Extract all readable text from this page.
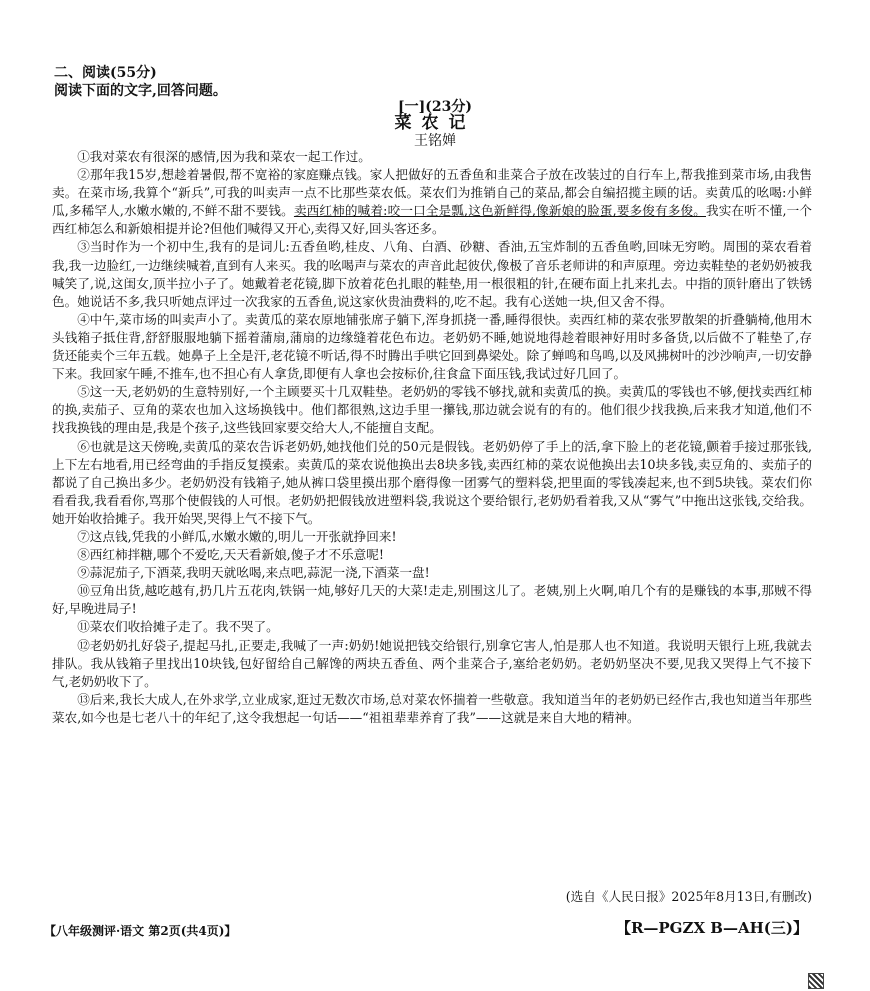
二、阅读(55分)
阅读下面的文字,回答问题。
[一](23分)
菜农记
王铭婵

①我对菜农有很深的感情,因为我和菜农一起工作过。

②那年我15岁,想趁着暑假,帮不宽裕的家庭赚点钱。家人把做好的五香鱼和韭菜合子放在改装过的自行车上,帮我推到菜市场,由我售卖。在菜市场,我算个“新兵”,可我的叫卖声一点不比那些菜农低。菜农们为推销自己的菜品,都会自编招揽主顾的话。卖黄瓜的吆喝:小鲜瓜,多稀罕人,水嫩水嫩的,不鲜不甜不要钱。卖西红柿的喊着:咬一口全是瓢,这色新鲜得,像新娘的脸蛋,要多俊有多俊。我实在听不懂,一个西红柿怎么和新娘相提并论?但他们喊得又开心,卖得又好,回头客还多。

③当时作为一个初中生,我有的是词儿:五香鱼哟,桂皮、八角、白酒、砂糖、香油,五宝炸制的五香鱼哟,回味无穷哟。周围的菜农看着我,我一边脸红,一边继续喊着,直到有人来买。我的吆喝声与菜农的声音此起彼伏,像极了音乐老师讲的和声原理。旁边卖鞋垫的老奶奶被我喊笑了,说,这闺女,顶半拉小子了。她戴着老花镜,脚下放着花色扎眼的鞋垫,用一根很粗的针,在硬布面上扎来扎去。中指的顶针磨出了铁锈色。她说话不多,我只听她点评过一次我家的五香鱼,说这家伙贵油费料的,吃不起。我有心送她一块,但又舍不得。

④中午,菜市场的叫卖声小了。卖黄瓜的菜农原地铺张席子躺下,浑身抓挠一番,睡得很快。卖西红柿的菜农张罗散架的折叠躺椅,他用木头钱箱子抵住背,舒舒服服地躺下摇着蒲扇,蒲扇的边缘缝着花色布边。老奶奶不睡,她说地得趁着眼神好用时多备货,以后做不了鞋垫了,存货还能卖个三年五载。她鼻子上全是汗,老花镜不听话,得不时腾出手哄它回到鼻梁处。除了蝉鸣和鸟鸣,以及风拂树叶的沙沙响声,一切安静下来。我回家午睡,不推车,也不担心有人拿货,即便有人拿也会按标价,往食盒下面压钱,我试过好几回了。

⑤这一天,老奶奶的生意特别好,一个主顾要买十几双鞋垫。老奶奶的零钱不够找,就和卖黄瓜的换。卖黄瓜的零钱也不够,便找卖西红柿的换,卖茄子、豆角的菜农也加入这场换钱中。他们都很熟,这边手里一攥钱,那边就会说有的有的。他们很少找我换,后来我才知道,他们不找我换钱的理由是,我是个孩子,这些钱回家要交给大人,不能擅自支配。

⑥也就是这天傍晚,卖黄瓜的菜农告诉老奶奶,她找他们兑的50元是假钱。老奶奶停了手上的活,拿下脸上的老花镜,颤着手接过那张钱,上下左右地看,用已经弯曲的手指反复摸索。卖黄瓜的菜农说他换出去8块多钱,卖西红柿的菜农说他换出去10块多钱,卖豆角的、卖茄子的都说了自己换出多少。老奶奶没有钱箱子,她从裤口袋里摸出那个磨得像一团雾气的塑料袋,把里面的零钱凑起来,也不到5块钱。菜农们你看看我,我看看你,骂那个使假钱的人可恨。老奶奶把假钱放进塑料袋,我说这个要给银行,老奶奶看着我,又从“雾气”中拖出这张钱,交给我。她开始收拾摊子。我开始哭,哭得上气不接下气。

⑦这点钱,凭我的小鲜瓜,水嫩水嫩的,明儿一开张就挣回来!

⑧西红柿拌糖,哪个不爱吃,天天看新娘,傻子才不乐意呢!

⑨蒜泥茄子,下酒菜,我明天就吆喝,来点吧,蒜泥一浇,下酒菜一盘!

⑩豆角出货,越吃越有,扔几片五花肉,铁锅一炖,够好几天的大菜!走走,别围这儿了。老姨,别上火啊,咱几个有的是赚钱的本事,那贼不得好,早晚进局子!

⑪菜农们收拾摊子走了。我不哭了。

⑫老奶奶扎好袋子,提起马扎,正要走,我喊了一声:奶奶!她说把钱交给银行,别拿它害人,怕是那人也不知道。我说明天银行上班,我就去排队。我从钱箱子里找出10块钱,包好留给自己解馋的两块五香鱼、两个韭菜合子,塞给老奶奶。老奶奶坚决不要,见我又哭得上气不接下气,老奶奶收下了。

⑬后来,我长大成人,在外求学,立业成家,逛过无数次市场,总对菜农怀揣着一些敬意。我知道当年的老奶奶已经作古,我也知道当年那些菜农,如今也是七老八十的年纪了,这令我想起一句话——“祖祖辈辈养育了我”——这就是来自大地的精神。

(选自《人民日报》2025年8月13日,有删改)
【八年级测评·语文 第2页(共4页)】	【R—PGZX B—AH(三)】
